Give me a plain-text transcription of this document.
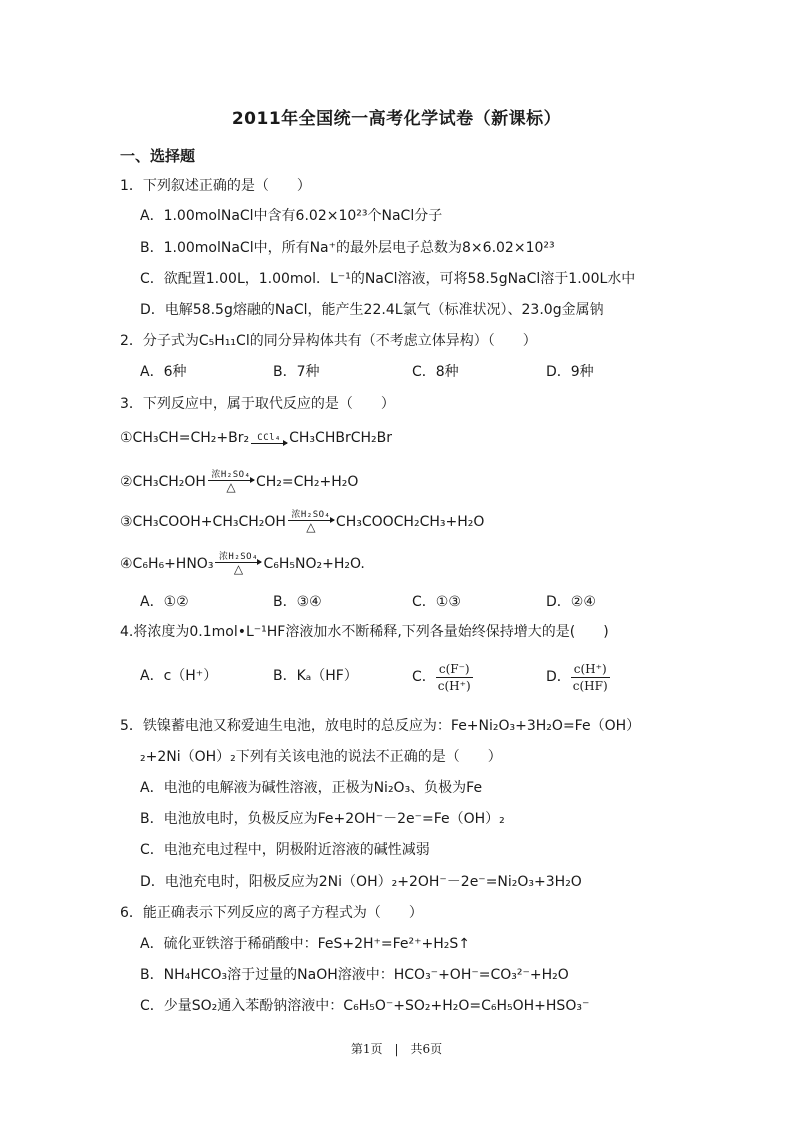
2011年全国统一高考化学试卷（新课标）
一、选择题
1．下列叙述正确的是（　　）
A．1.00molNaCl中含有6.02×10²³个NaCl分子
B．1.00molNaCl中，所有Na⁺的最外层电子总数为8×6.02×10²³
C．欲配置1.00L，1.00mol．L⁻¹的NaCl溶液，可将58.5gNaCl溶于1.00L水中
D．电解58.5g熔融的NaCl，能产生22.4L氯气（标准状况）、23.0g金属钠
2．分子式为C₅H₁₁Cl的同分异构体共有（不考虑立体异构）（　　）
A．6种	B．7种	C．8种	D．9种
3．下列反应中，属于取代反应的是（　　）
①CH₃CH=CH₂+Br₂ CCl₄ CH₃CHBrCH₂Br
②CH₃CH₂OH 浓H₂SO₄
△	CH₂=CH₂+H₂O
③CH₃COOH+CH₃CH₂OH 浓H₂SO₄
△	CH₃COOCH₂CH₃+H₂O
④C₆H₆+HNO₃ 浓H₂SO₄
△	C₆H₅NO₂+H₂O.
A．①②	B．③④	C．①③	D．②④
4.将浓度为0.1mol•L⁻¹HF溶液加水不断稀释,下列各量始终保持增大的是(　　)
A．c（H⁺）	B．Kₐ（HF）	C． $\frac{c(F^-)}{c(H^+)}$	D． $\frac{c(H^+)}{c(HF)}$
5．铁镍蓄电池又称爱迪生电池，放电时的总反应为：Fe+Ni₂O₃+3H₂O=Fe（OH）
₂+2Ni（OH）₂下列有关该电池的说法不正确的是（　　）
A．电池的电解液为碱性溶液，正极为Ni₂O₃、负极为Fe
B．电池放电时，负极反应为Fe+2OH⁻－2e⁻=Fe（OH）₂
C．电池充电过程中，阴极附近溶液的碱性减弱
D．电池充电时，阳极反应为2Ni（OH）₂+2OH⁻－2e⁻=Ni₂O₃+3H₂O
6．能正确表示下列反应的离子方程式为（　　）
A．硫化亚铁溶于稀硝酸中：FeS+2H⁺=Fe²⁺+H₂S↑
B．NH₄HCO₃溶于过量的NaOH溶液中：HCO₃⁻+OH⁻=CO₃²⁻+H₂O
C．少量SO₂通入苯酚钠溶液中：C₆H₅O⁻+SO₂+H₂O=C₆H₅OH+HSO₃⁻
第1页　|　共6页
